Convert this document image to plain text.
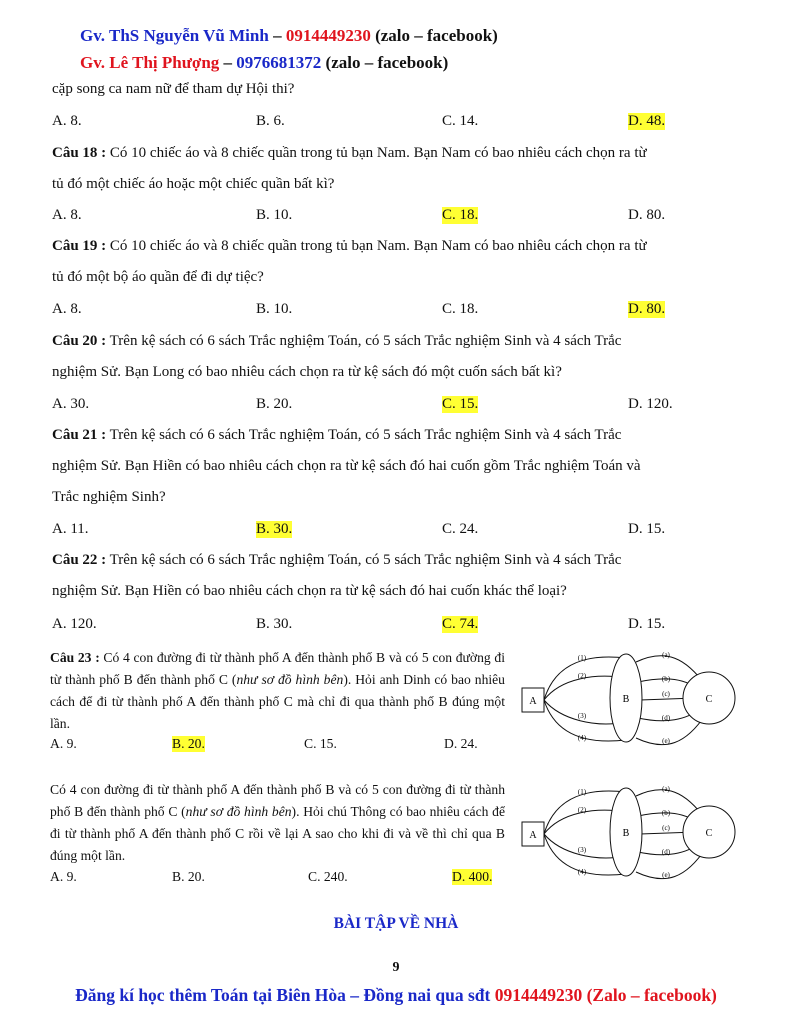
Gv. ThS Nguyễn Vũ Minh – 0914449230 (zalo – facebook)
Gv. Lê Thị Phượng – 0976681372 (zalo – facebook)
cặp song ca nam nữ để tham dự Hội thi?
A. 8.	B. 6.	C. 14.	D. 48.
Câu 18 : Có 10 chiếc áo và 8 chiếc quần trong tủ bạn Nam. Bạn Nam có bao nhiêu cách chọn ra từ
tủ đó một chiếc áo hoặc một chiếc quần bất kì?
A. 8.	B. 10.	C. 18.	D. 80.
Câu 19 : Có 10 chiếc áo và 8 chiếc quần trong tủ bạn Nam. Bạn Nam có bao nhiêu cách chọn ra từ
tủ đó một bộ áo quần để đi dự tiệc?
A. 8.	B. 10.	C. 18.	D. 80.
Câu 20 : Trên kệ sách có 6 sách Trắc nghiệm Toán, có 5 sách Trắc nghiệm Sinh và 4 sách Trắc
nghiệm Sử. Bạn Long có bao nhiêu cách chọn ra từ kệ sách đó một cuốn sách bất kì?
A. 30.	B. 20.	C. 15.	D. 120.
Câu 21 : Trên kệ sách có 6 sách Trắc nghiệm Toán, có 5 sách Trắc nghiệm Sinh và 4 sách Trắc
nghiệm Sử. Bạn Hiền có bao nhiêu cách chọn ra từ kệ sách đó hai cuốn gồm Trắc nghiệm Toán và
Trắc nghiệm Sinh?
A. 11.	B. 30.	C. 24.	D. 15.
Câu 22 : Trên kệ sách có 6 sách Trắc nghiệm Toán, có 5 sách Trắc nghiệm Sinh và 4 sách Trắc
nghiệm Sử. Bạn Hiền có bao nhiêu cách chọn ra từ kệ sách đó hai cuốn khác thể loại?
A. 120.	B. 30.	C. 74.	D. 15.
Câu 23 : Có 4 con đường đi từ thành phố A đến thành phố B và có 5 con đường đi từ thành phố B đến thành phố C (như sơ đồ hình bên). Hỏi anh Dinh có bao nhiêu cách để đi từ thành phố A đến thành phố C mà chỉ đi qua thành phố B đúng một lần.
A. 9.	B. 20.	C. 15.	D. 24.
Có 4 con đường đi từ thành phố A đến thành phố B và có 5 con đường đi từ thành phố B đến thành phố C (như sơ đồ hình bên). Hỏi chú Thông có bao nhiêu cách để đi từ thành phố A đến thành phố C rồi về lại A sao cho khi đi và về thì chỉ qua B đúng một lần.
A. 9.	B. 20.	C. 240.	D. 400.
A	B	C
(1)
(2)
(3)
(4)
(a)
(b)
(c)
(d)
(e)
A	B	C
(1)
(2)
(3)
(4)
(a)
(b)
(c)
(d)
(e)
BÀI TẬP VỀ NHÀ
9
Đăng kí học thêm Toán tại Biên Hòa – Đồng nai qua sđt 0914449230 (Zalo – facebook)
